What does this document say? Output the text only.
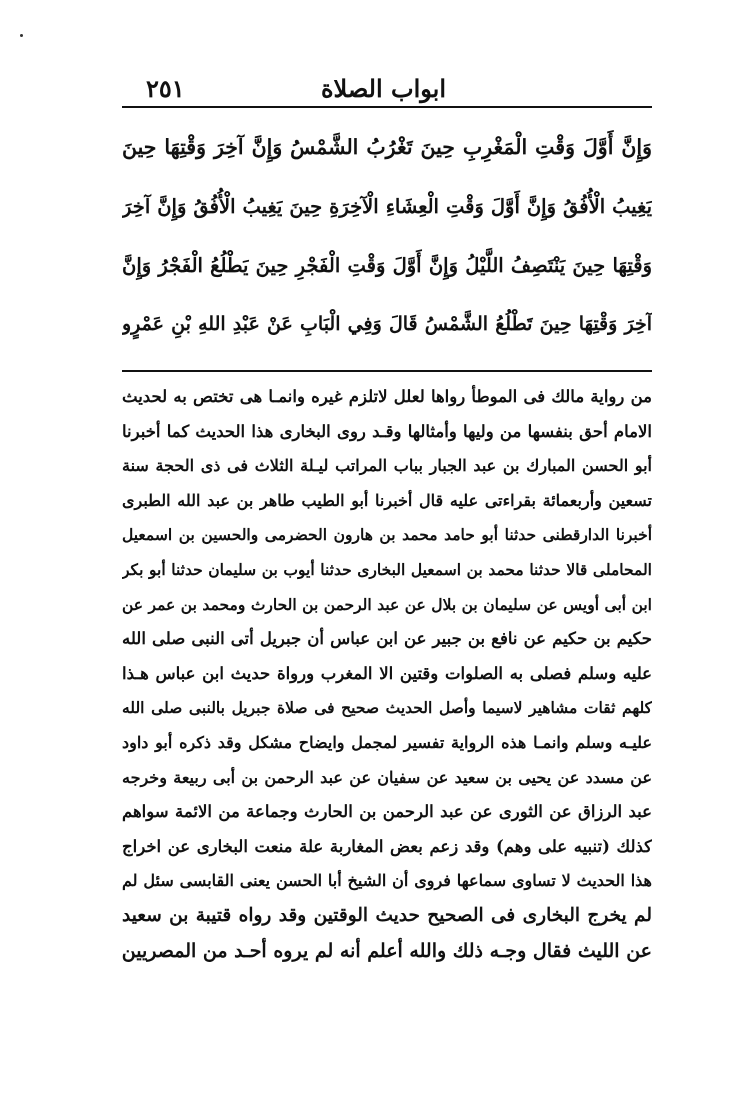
ابواب الصلاة
٢٥١
وَإِنَّ أَوَّلَ وَقْتِ الْمَغْرِبِ حِينَ تَغْرُبُ الشَّمْسُ وَإِنَّ آخِرَ وَقْتِهَا حِينَ
يَغِيبُ الْأُفُقُ وَإِنَّ أَوَّلَ وَقْتِ الْعِشَاءِ الْآخِرَةِ حِينَ يَغِيبُ الْأُفُقُ وَإِنَّ آخِرَ
وَقْتِهَا حِينَ يَنْتَصِفُ اللَّيْلُ وَإِنَّ أَوَّلَ وَقْتِ الْفَجْرِ حِينَ يَطْلُعُ الْفَجْرُ وَإِنَّ
آخِرَ وَقْتِهَا حِينَ تَطْلُعُ الشَّمْسُ قَالَ وَفِي الْبَابِ عَنْ عَبْدِ اللهِ بْنِ عَمْرٍو
من رواية مالك فى الموطأ رواها لعلل لاتلزم غيره وانمـا هى تختص به لحديث
الامام أحق بنفسها من وليها وأمثالها وقـد روى البخارى هذا الحديث كما أخبرنا
أبو الحسن المبارك بن عبد الجبار بباب المراتب ليـلة الثلاث فى ذى الحجة سنة
تسعين وأربعمائة بقراءتى عليه قال أخبرنا أبو الطيب طاهر بن عبد الله الطبرى
أخبرنا الدارقطنى حدثنا أبو حامد محمد بن هارون الحضرمى والحسين بن اسمعيل
المحاملى قالا حدثنا محمد بن اسمعيل البخارى حدثنا أيوب بن سليمان حدثنا أبو بكر
ابن أبى أويس عن سليمان بن بلال عن عبد الرحمن بن الحارث ومحمد بن عمر عن
حكيم بن حكيم عن نافع بن جبير عن ابن عباس أن جبريل أتى النبى صلى الله
عليه وسلم فصلى به الصلوات وقتين الا المغرب ورواة حديث ابن عباس هـذا
كلهم ثقات مشاهير لاسيما وأصل الحديث صحيح فى صلاة جبريل بالنبى صلى الله
عليـه وسلم وانمـا هذه الرواية تفسير لمجمل وايضاح مشكل وقد ذكره أبو داود
عن مسدد عن يحيى بن سعيد عن سفيان عن عبد الرحمن بن أبى ربيعة وخرجه
عبد الرزاق عن الثورى عن عبد الرحمن بن الحارث وجماعة من الائمة سواهم
كذلك (تنبيه على وهم) وقد زعم بعض المغاربة علة منعت البخارى عن اخراج
هذا الحديث لا تساوى سماعها فروى أن الشيخ أبا الحسن يعنى القابسى سئل لم
لم يخرج البخارى فى الصحيح حديث الوقتين وقد رواه قتيبة بن سعيد
عن الليث فقال وجـه ذلك والله أعلم أنه لم يروه أحـد من المصريين
